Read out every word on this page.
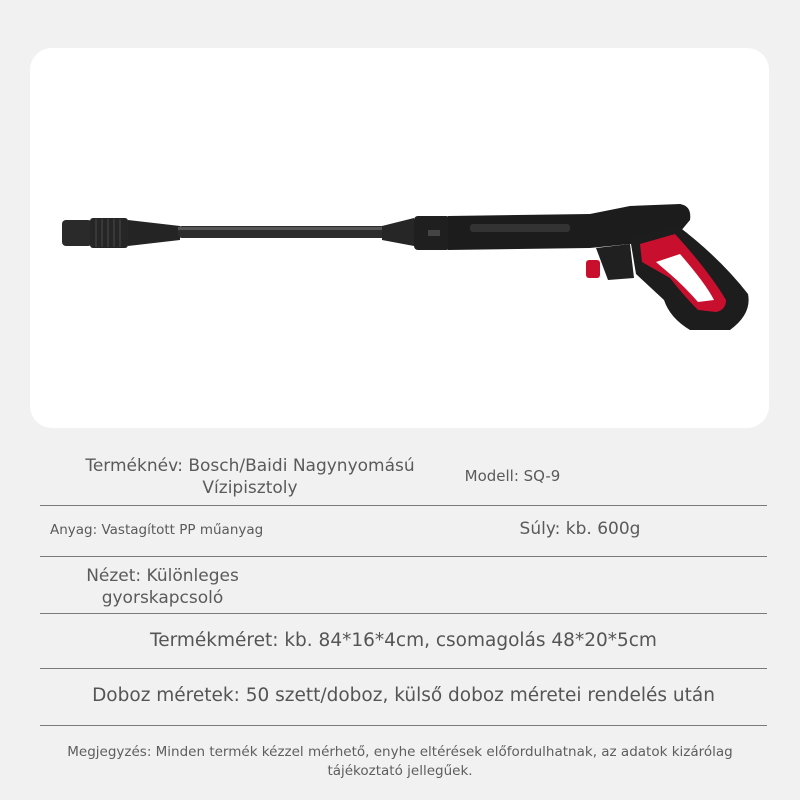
Terméknév: Bosch/Baidi Nagynyomású Vízipisztoly
Modell: SQ-9
Anyag: Vastagított PP műanyag	Súly: kb. 600g
Nézet: Különleges gyorskapcsoló
Termékméret: kb. 84*16*4cm, csomagolás 48*20*5cm
Doboz méretek: 50 szett/doboz, külső doboz méretei rendelés után
Megjegyzés: Minden termék kézzel mérhető, enyhe eltérések előfordulhatnak, az adatok kizárólag tájékoztató jellegűek.
